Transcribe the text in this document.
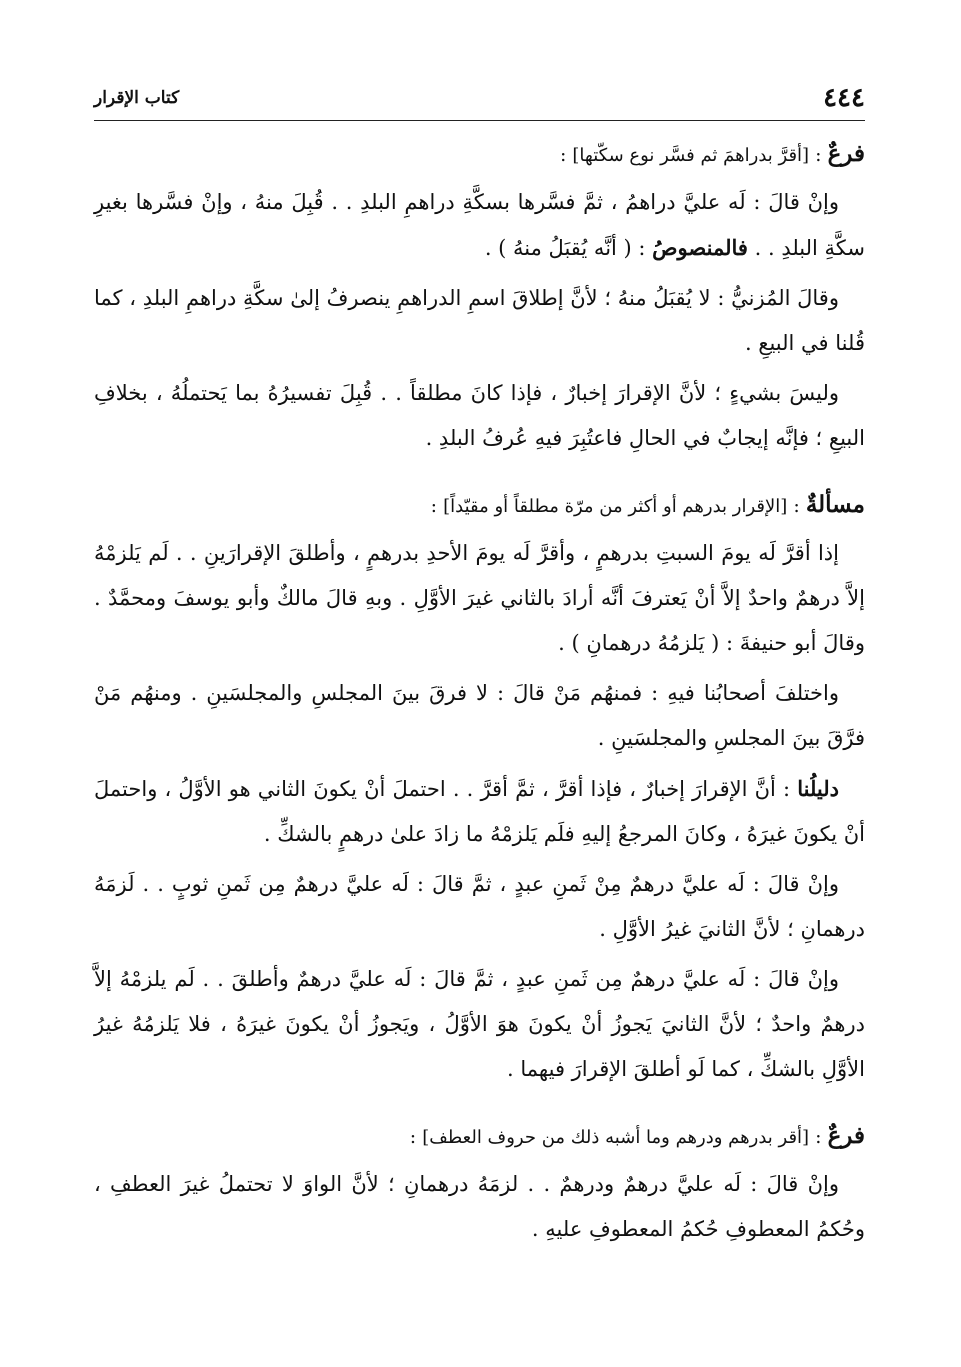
٤٤٤
كتاب الإقرار
فرعٌ : [أقرَّ بدراهمَ ثم فسَّر نوع سكّتها] :

وإنْ قالَ : لَه عليَّ دراهمُ ، ثمَّ فسَّرها بسكَّةِ دراهمِ البلدِ . . قُبِلَ منهُ ، وإنْ فسَّرها بغيرِ سكَّةِ البلدِ . . فالمنصوصُ : ( أنَّه يُقبَلُ منهُ ) .

وقالَ المُزنيُّ : لا يُقبَلُ منهُ ؛ لأنَّ إطلاقَ اسمِ الدراهمِ ينصرفُ إلىٰ سكَّةِ دراهمِ البلدِ ، كما قُلنا في البيعِ .

وليسَ بشيءٍ ؛ لأنَّ الإقرارَ إخبارٌ ، فإذا كانَ مطلقاً . . قُبِلَ تفسيرُهُ بما يَحتملُهُ ، بخلافِ البيعِ ؛ فإنَّه إيجابٌ في الحالِ فاعتُبِرَ فيهِ عُرفُ البلدِ .

مسألةٌ : [الإقرار بدرهم أو أكثر من مرّة مطلقاً أو مقيّداً] :

إذا أقرَّ لَه يومَ السبتِ بدرهمٍ ، وأقرَّ لَه يومَ الأحدِ بدرهمٍ ، وأطلقَ الإقرارَينِ . . لَم يَلزمْهُ إلاَّ درهمٌ واحدٌ إلاَّ أنْ يَعترفَ أنَّه أرادَ بالثاني غيرَ الأوَّلِ . وبهِ قالَ مالكٌ وأبو يوسفَ ومحمَّدٌ . وقالَ أبو حنيفةَ : ( يَلزمُهُ درهمانِ ) .

واختلفَ أصحابُنا فيهِ : فمنهُم مَنْ قالَ : لا فرقَ بينَ المجلسِ والمجلسَينِ . ومنهُم مَنْ فرَّقَ بينَ المجلسِ والمجلسَينِ .

دليلُنا : أنَّ الإقرارَ إخبارٌ ، فإذا أقرَّ ، ثمَّ أقرَّ . . احتملَ أنْ يكونَ الثاني هو الأوَّلُ ، واحتملَ أنْ يكونَ غيرَهُ ، وكانَ المرجعُ إليهِ فلَم يَلزمْهُ ما زادَ علىٰ درهمٍ بالشكِّ .

وإنْ قالَ : لَه عليَّ درهمٌ مِنْ ثَمنِ عبدٍ ، ثمَّ قالَ : لَه عليَّ درهمٌ مِن ثَمنِ ثوبٍ . . لَزمَهُ درهمانِ ؛ لأنَّ الثانيَ غيرُ الأوَّلِ .

وإنْ قالَ : لَه عليَّ درهمٌ مِن ثَمنِ عبدٍ ، ثمَّ قالَ : لَه عليَّ درهمٌ وأطلقَ . . لَم يلزمْهُ إلاَّ درهمٌ واحدٌ ؛ لأنَّ الثانيَ يَجوزُ أنْ يكونَ هوَ الأوَّلُ ، ويَجوزُ أنْ يكونَ غيرَهُ ، فلا يَلزمُهُ غيرُ الأوَّلِ بالشكِّ ، كما لَو أطلقَ الإقرارَ فيهما .

فرعٌ : [أقر بدرهم ودرهم وما أشبه ذلك من حروف العطف] :

وإنْ قالَ : لَه عليَّ درهمٌ ودرهمٌ . . لزمَهُ درهمانِ ؛ لأنَّ الواوَ لا تحتملُ غيرَ العطفِ ، وحُكمُ المعطوفِ حُكمُ المعطوفِ عليهِ .
